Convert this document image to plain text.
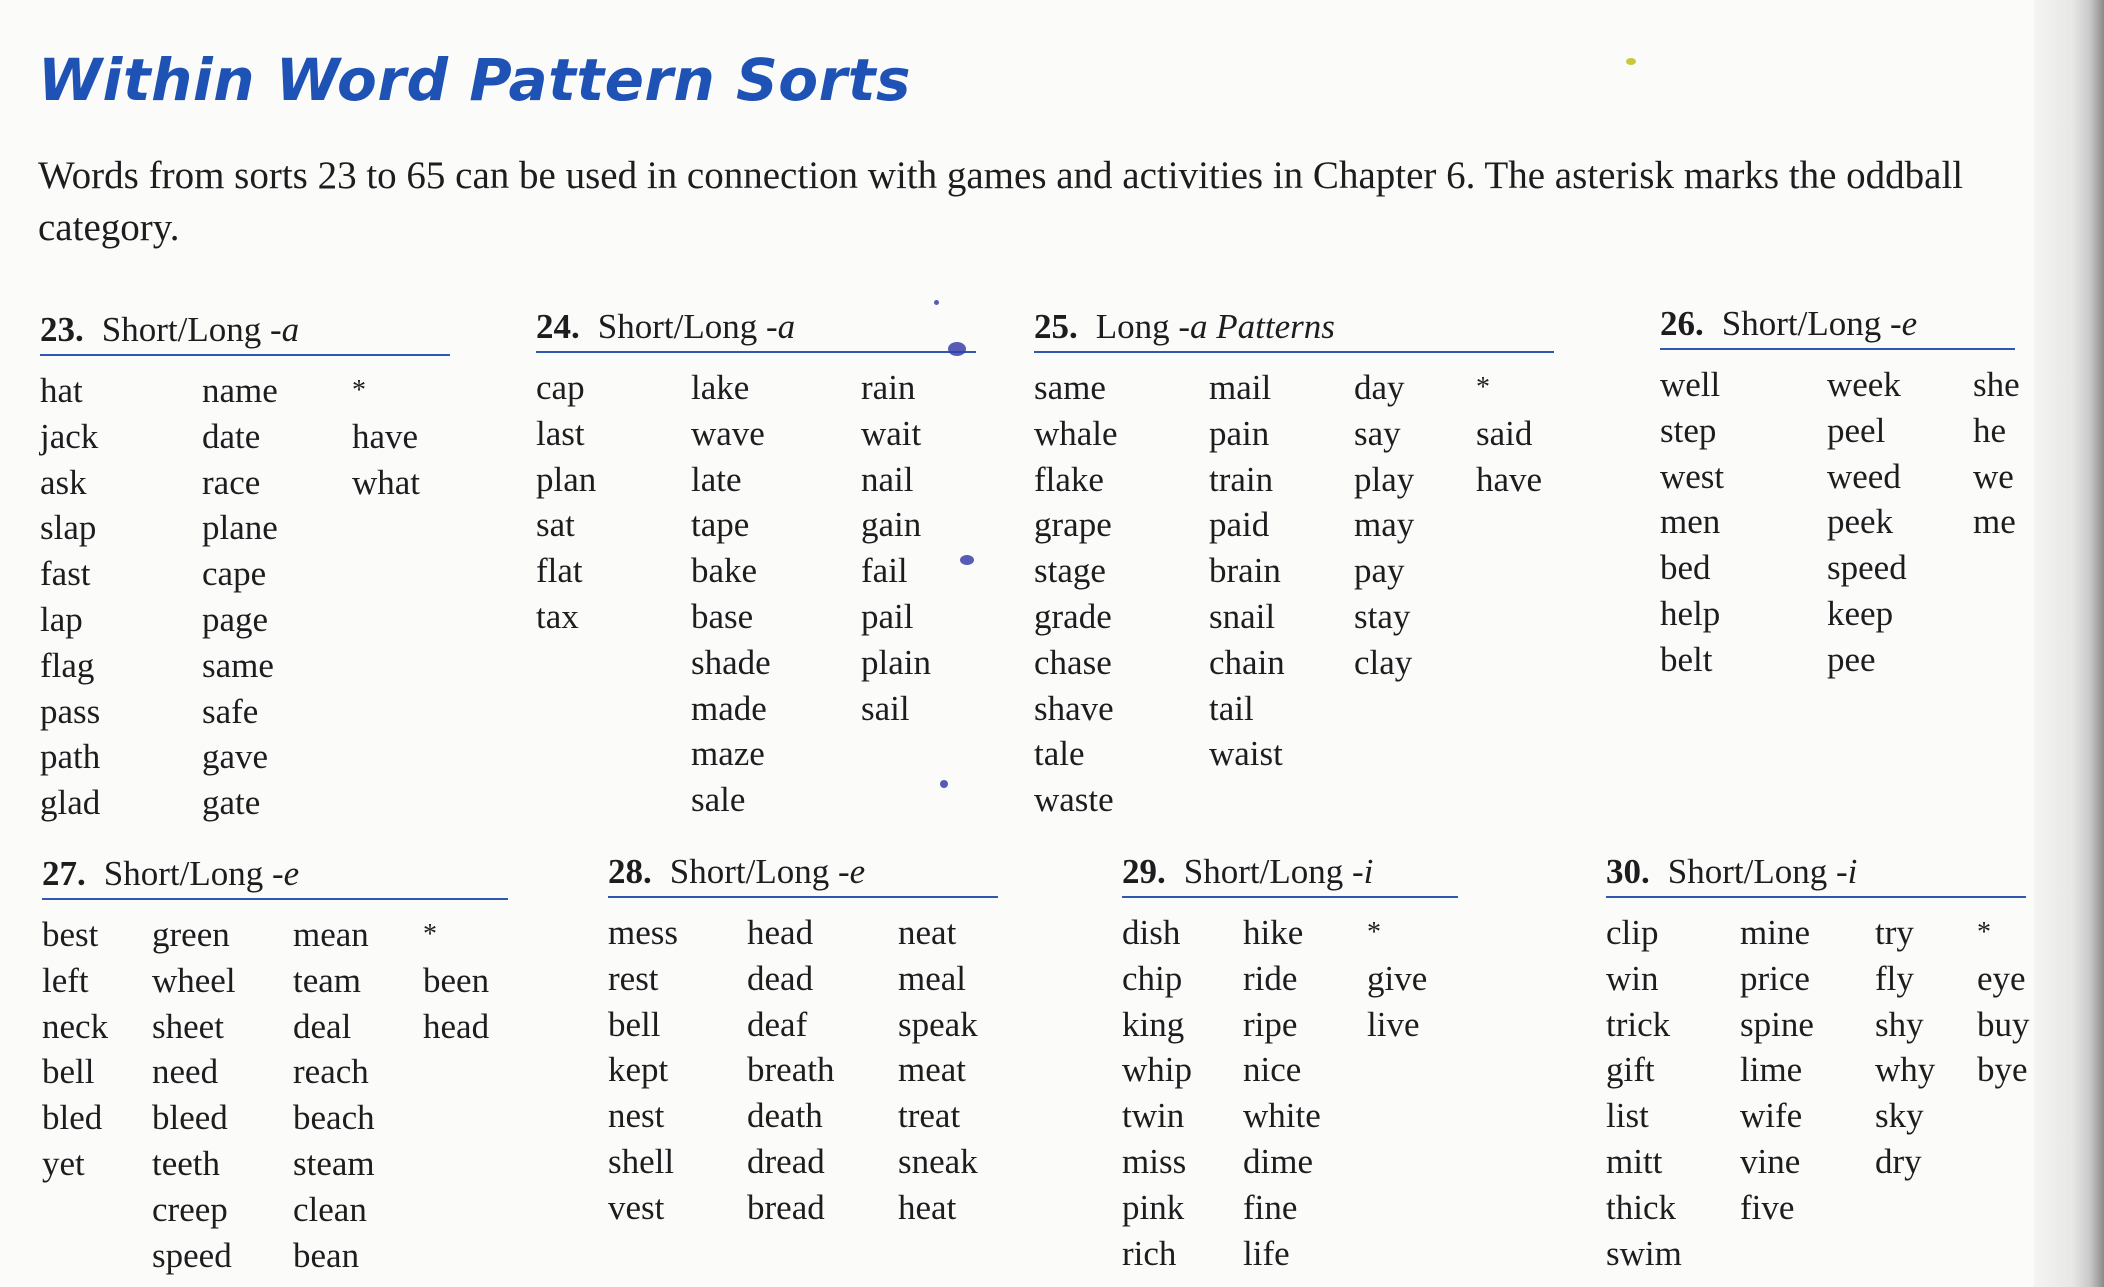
Within Word Pattern Sorts
Words from sorts 23 to 65 can be used in connection with games and activities in Chapter 6. The asterisk marks the oddball category.
23. Short/Long -a
hat
jack
ask
slap
fast
lap
flag
pass
path
glad
name
date
race
plane
cape
page
same
safe
gave
gate
*
have
what
24. Short/Long -a
cap
last
plan
sat
flat
tax
lake
wave
late
tape
bake
base
shade
made
maze
sale
rain
wait
nail
gain
fail
pail
plain
sail
25. Long -a Patterns
same
whale
flake
grape
stage
grade
chase
shave
tale
waste
mail
pain
train
paid
brain
snail
chain
tail
waist
day
say
play
may
pay
stay
clay
*
said
have
26. Short/Long -e
well
step
west
men
bed
help
belt
week
peel
weed
peek
speed
keep
pee
she
he
we
me
27. Short/Long -e
best
left
neck
bell
bled
yet
green
wheel
sheet
need
bleed
teeth
creep
speed
mean
team
deal
reach
beach
steam
clean
bean
*
been
head
28. Short/Long -e
mess
rest
bell
kept
nest
shell
vest
head
dead
deaf
breath
death
dread
bread
neat
meal
speak
meat
treat
sneak
heat
29. Short/Long -i
dish
chip
king
whip
twin
miss
pink
rich
hike
ride
ripe
nice
white
dime
fine
life
*
give
live
30. Short/Long -i
clip
win
trick
gift
list
mitt
thick
swim
mine
price
spine
lime
wife
vine
five
try
fly
shy
why
sky
dry
*
eye
buy
bye
